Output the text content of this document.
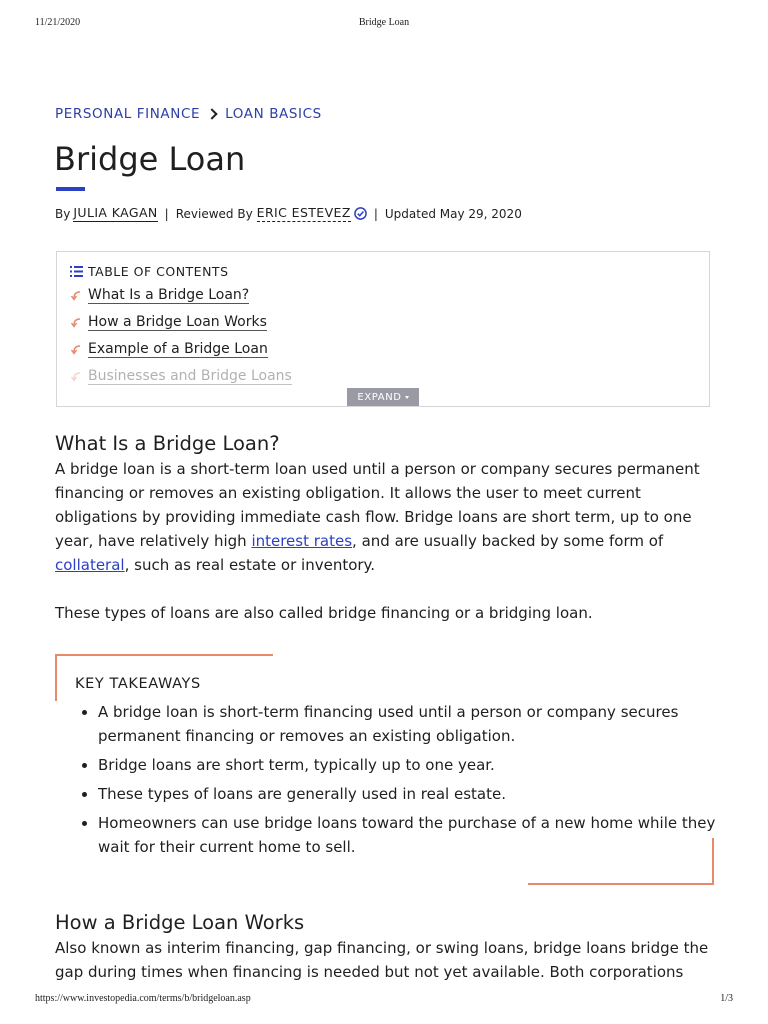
11/21/2020	Bridge Loan
PERSONAL FINANCE LOAN BASICS
Bridge Loan
By JULIA KAGAN | Reviewed By ERIC ESTEVEZ | Updated May 29, 2020
TABLE OF CONTENTS
What Is a Bridge Loan?
How a Bridge Loan Works
Example of a Bridge Loan
Businesses and Bridge Loans
EXPAND
What Is a Bridge Loan?

A bridge loan is a short-term loan used until a person or company secures permanent financing or removes an existing obligation. It allows the user to meet current obligations by providing immediate cash flow. Bridge loans are short term, up to one year, have relatively high interest rates, and are usually backed by some form of collateral, such as real estate or inventory.

These types of loans are also called bridge financing or a bridging loan.

KEY TAKEAWAYS
• A bridge loan is short-term financing used until a person or company secures permanent financing or removes an existing obligation.
• Bridge loans are short term, typically up to one year.
• These types of loans are generally used in real estate.
• Homeowners can use bridge loans toward the purchase of a new home while they wait for their current home to sell.
How a Bridge Loan Works

Also known as interim financing, gap financing, or swing loans, bridge loans bridge the gap during times when financing is needed but not yet available. Both corporations

https://www.investopedia.com/terms/b/bridgeloan.asp	1/3
